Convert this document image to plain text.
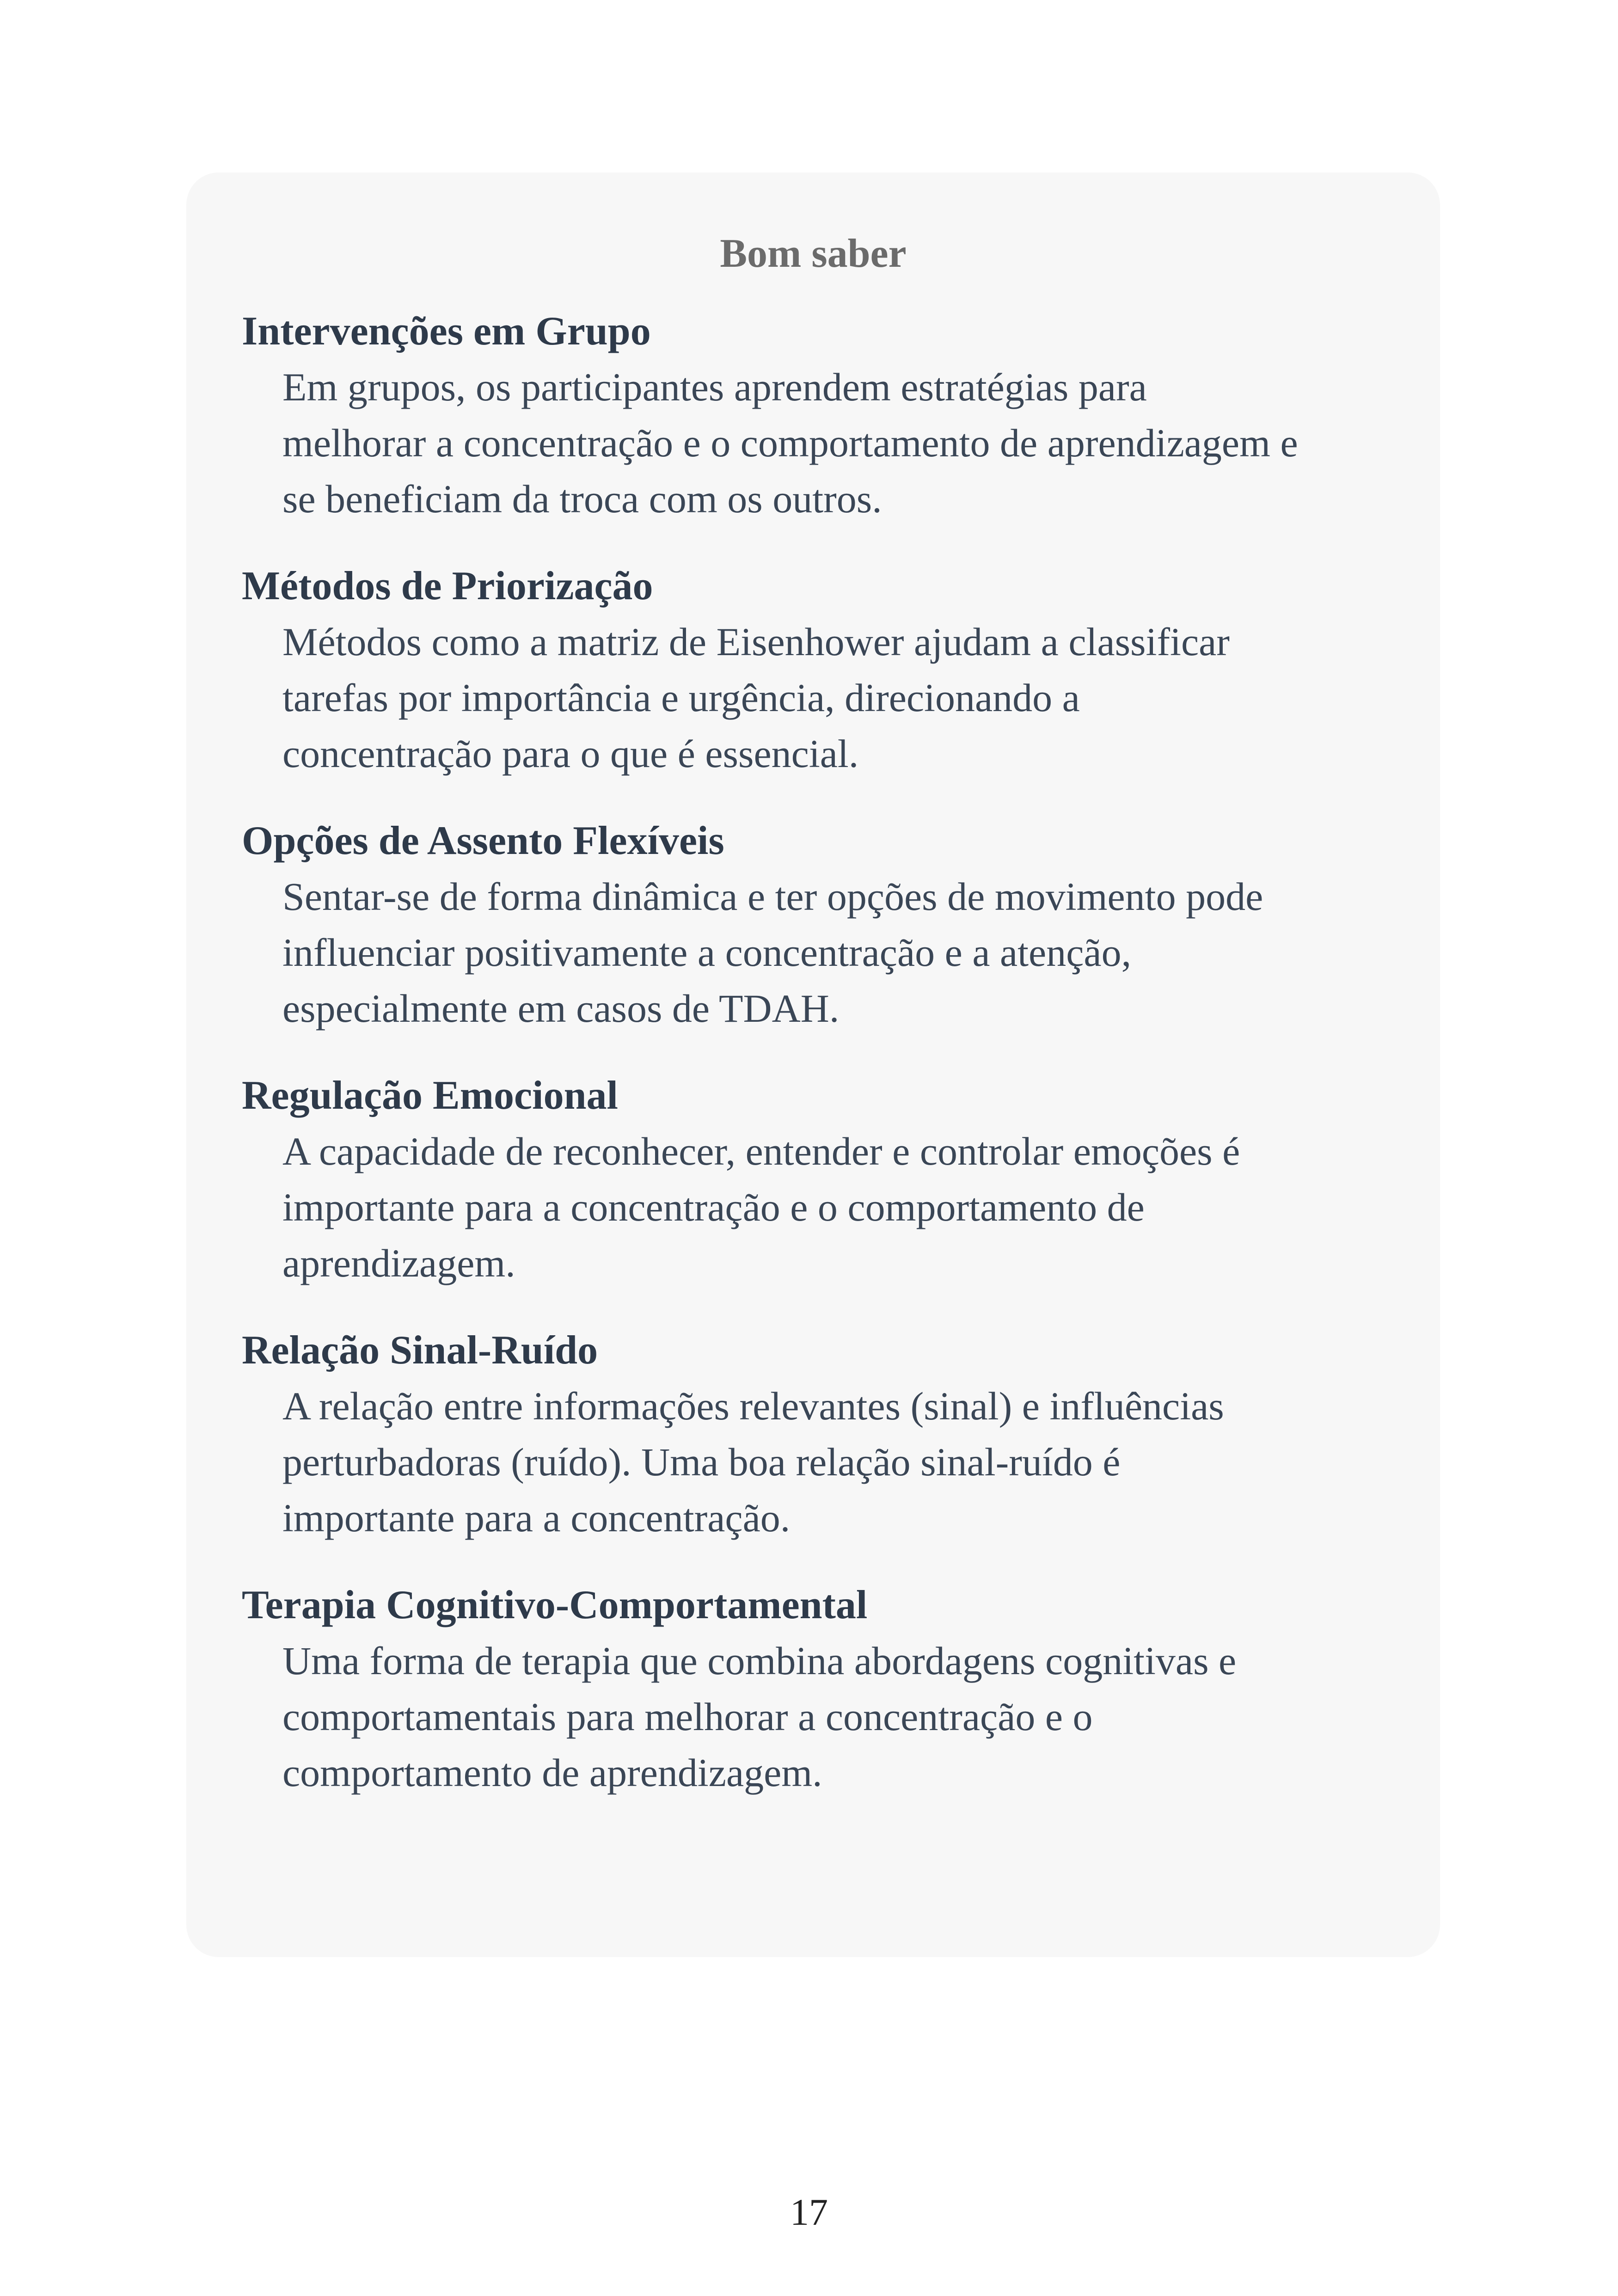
Bom saber
Intervenções em Grupo
Em grupos, os participantes aprendem estratégias para
melhorar a concentração e o comportamento de aprendizagem e
se beneficiam da troca com os outros.
Métodos de Priorização
Métodos como a matriz de Eisenhower ajudam a classificar
tarefas por importância e urgência, direcionando a
concentração para o que é essencial.
Opções de Assento Flexíveis
Sentar-se de forma dinâmica e ter opções de movimento pode
influenciar positivamente a concentração e a atenção,
especialmente em casos de TDAH.
Regulação Emocional
A capacidade de reconhecer, entender e controlar emoções é
importante para a concentração e o comportamento de
aprendizagem.
Relação Sinal-Ruído
A relação entre informações relevantes (sinal) e influências
perturbadoras (ruído). Uma boa relação sinal-ruído é
importante para a concentração.
Terapia Cognitivo-Comportamental
Uma forma de terapia que combina abordagens cognitivas e
comportamentais para melhorar a concentração e o
comportamento de aprendizagem.
17
